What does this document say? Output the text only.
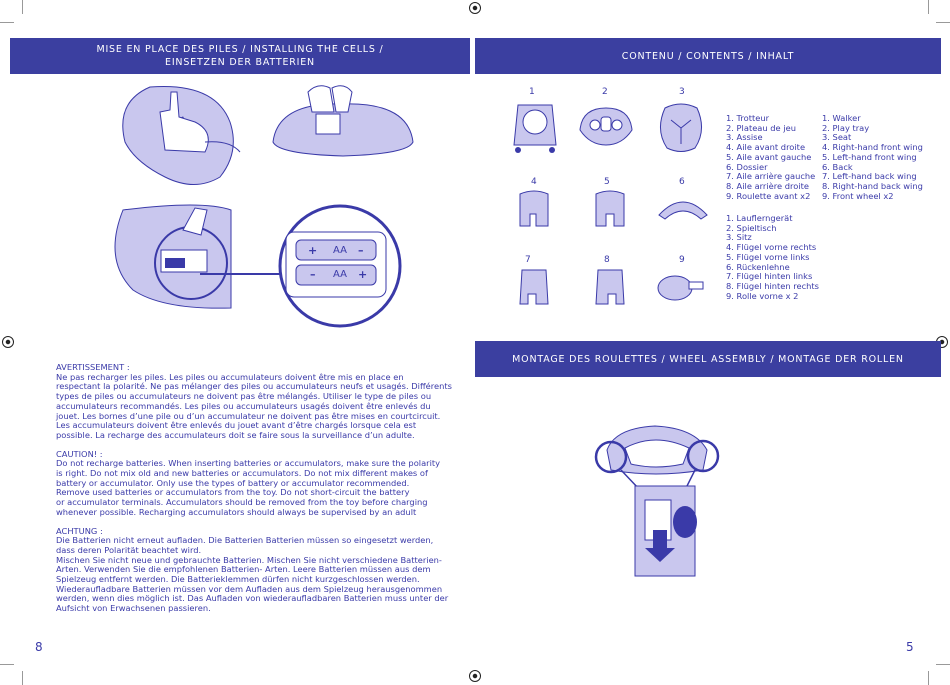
MISE EN PLACE DES PILES / INSTALLING THE CELLS /
EINSETZEN DER BATTERIEN
CONTENU / CONTENTS / INHALT
MONTAGE DES ROULETTES / WHEEL ASSEMBLY / MONTAGE DER ROLLEN
+ AA –
– AA +
1	2	3
4	5	6
7	8	9
1. Trotteur
2. Plateau de jeu
3. Assise
4. Aile avant droite
5. Aile avant gauche
6. Dossier
7. Aile arrière gauche
8. Aile arrière droite
9. Roulette avant x2
1. Walker
2. Play tray
3. Seat
4. Right-hand front wing
5. Left-hand front wing
6. Back
7. Left-hand back wing
8. Right-hand back wing
9. Front wheel x2
1. Lauflerngerät
2. Spieltisch
3. Sitz
4. Flügel vorne rechts
5. Flügel vorne links
6. Rückenlehne
7. Flügel hinten links
8. Flügel hinten rechts
9. Rolle vorne x 2
AVERTISSEMENT :
Ne pas recharger les piles. Les piles ou accumulateurs doivent être mis en place en
respectant la polarité. Ne pas mélanger des piles ou accumulateurs neufs et usagés. Différents
types de piles ou accumulateurs ne doivent pas être mélangés. Utiliser le type de piles ou
accumulateurs recommandés. Les piles ou accumulateurs usagés doivent être enlevés du
jouet. Les bornes d’une pile ou d’un accumulateur ne doivent pas être mises en courtcircuit.
Les accumulateurs doivent être enlevés du jouet avant d’être chargés lorsque cela est
possible. La recharge des accumulateurs doit se faire sous la surveillance d’un adulte.
CAUTION! :
Do not recharge batteries. When inserting batteries or accumulators, make sure the polarity
is right. Do not mix old and new batteries or accumulators. Do not mix different makes of
battery or accumulator. Only use the types of battery or accumulator recommended.
Remove used batteries or accumulators from the toy. Do not short-circuit the battery
or accumulator terminals. Accumulators should be removed from the toy before charging
whenever possible. Recharging accumulators should always be supervised by an adult
ACHTUNG :
Die Batterien nicht erneut aufladen. Die Batterien Batterien müssen so eingesetzt werden,
dass deren Polarität beachtet wird.
Mischen Sie nicht neue und gebrauchte Batterien. Mischen Sie nicht verschiedene Batterien-
Arten. Verwenden Sie die empfohlenen Batterien- Arten. Leere Batterien müssen aus dem
Spielzeug entfernt werden. Die Batterieklemmen dürfen nicht kurzgeschlossen werden.
Wiederaufladbare Batterien müssen vor dem Aufladen aus dem Spielzeug herausgenommen
werden, wenn dies möglich ist. Das Aufladen von wiederaufladbaren Batterien muss unter der
Aufsicht von Erwachsenen passieren.
8	5
